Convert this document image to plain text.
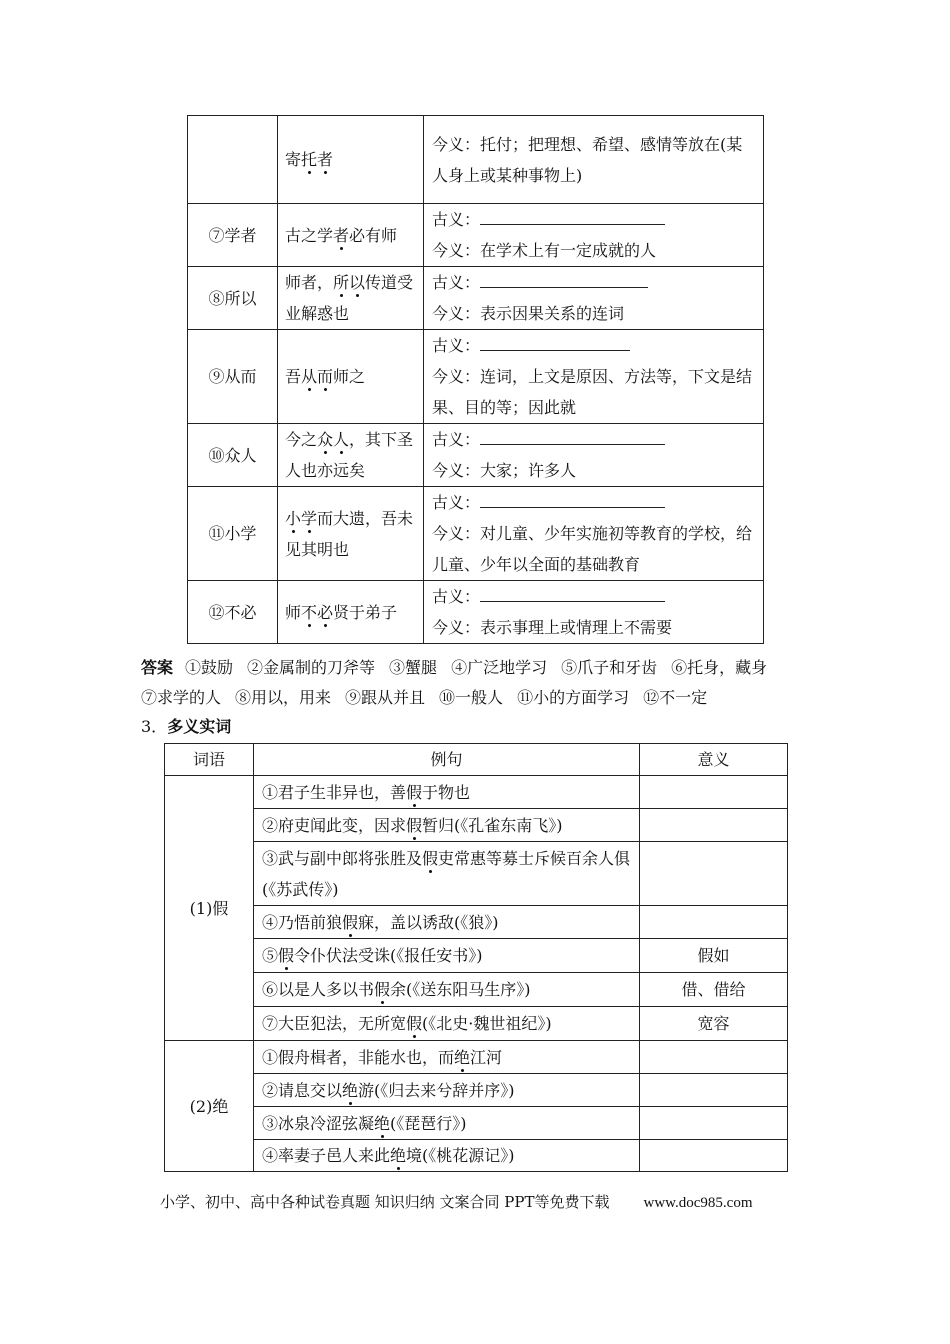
	寄托者	今义：托付；把理想、希望、感情等放在(某人身上或某种事物上)
⑦学者	古之学者必有师	古义：
今义：在学术上有一定成就的人

⑧所以	师者，所以传道受业解惑也	古义：
今义：表示因果关系的连词

⑨从而	吾从而师之	古义：
今义：连词，上文是原因、方法等，下文是结果、目的等；因此就

⑩众人	今之众人，其下圣人也亦远矣	古义：
今义：大家；许多人

⑪小学	小学而大遗，吾未见其明也	古义：
今义：对儿童、少年实施初等教育的学校，给儿童、少年以全面的基础教育

⑫不必	师不必贤于弟子	古义：
今义：表示事理上或情理上不需要
答案 ①鼓励 ②金属制的刀斧等 ③蟹腿 ④广泛地学习 ⑤爪子和牙齿 ⑥托身，藏身
⑦求学的人 ⑧用以，用来 ⑨跟从并且 ⑩一般人 ⑪小的方面学习 ⑫不一定
3．多义实词
词语	例句	意义
(1)假	①君子生非异也，善假于物也	
	②府吏闻此变，因求假暂归(《孔雀东南飞》)	
	③武与副中郎将张胜及假吏常惠等募士斥候百余人俱(《苏武传》)	
	④乃悟前狼假寐，盖以诱敌(《狼》)	
	⑤假令仆伏法受诛(《报任安书》)	假如
	⑥以是人多以书假余(《送东阳马生序》)	借、借给
	⑦大臣犯法，无所宽假(《北史·魏世祖纪》)	宽容
(2)绝	①假舟楫者，非能水也，而绝江河	
	②请息交以绝游(《归去来兮辞并序》)	
	③冰泉冷涩弦凝绝(《琵琶行》)	
	④率妻子邑人来此绝境(《桃花源记》)	
小学、初中、高中各种试卷真题 知识归纳 文案合同 PPT等免费下载 www.doc985.com
